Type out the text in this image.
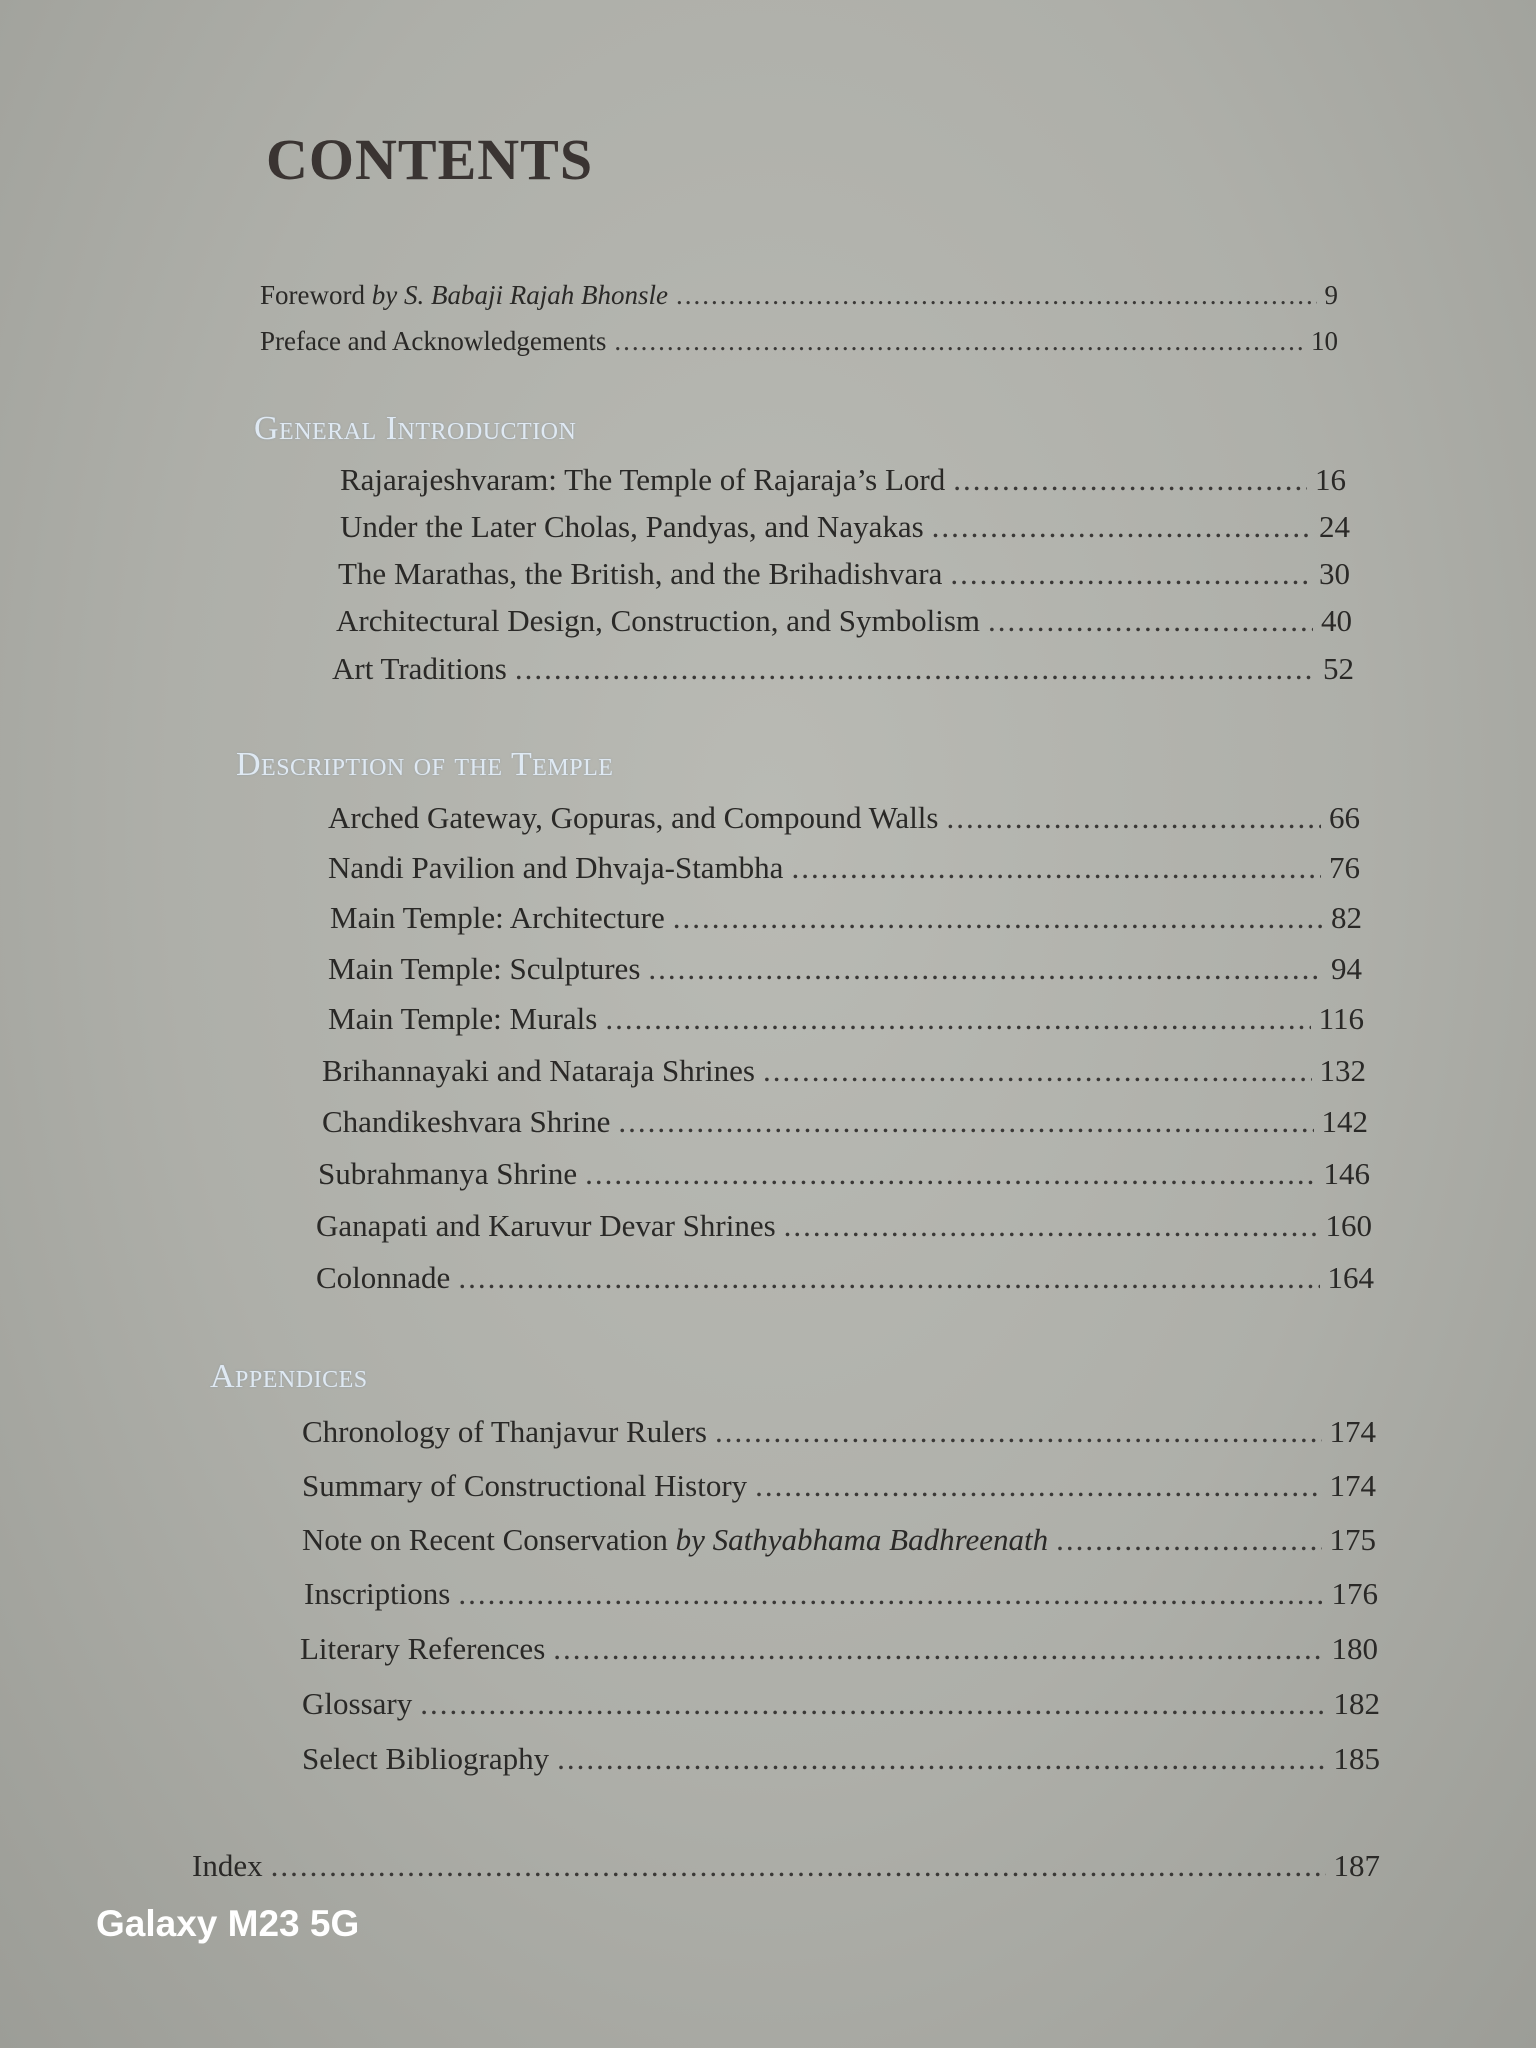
CONTENTS
Foreword by S. Babaji Rajah Bhonsle .....	9
Preface and Acknowledgements .....	10
General Introduction
Rajarajeshvaram: The Temple of Rajaraja’s Lord .....	16
Under the Later Cholas, Pandyas, and Nayakas .....	24
The Marathas, the British, and the Brihadishvara .....	30
Architectural Design, Construction, and Symbolism .....	40
Art Traditions .....	52
Description of the Temple
Arched Gateway, Gopuras, and Compound Walls .....	66
Nandi Pavilion and Dhvaja-Stambha .....	76
Main Temple: Architecture .....	82
Main Temple: Sculptures .....	94
Main Temple: Murals .....	116
Brihannayaki and Nataraja Shrines .....	132
Chandikeshvara Shrine .....	142
Subrahmanya Shrine .....	146
Ganapati and Karuvur Devar Shrines .....	160
Colonnade .....	164
Appendices
Chronology of Thanjavur Rulers .....	174
Summary of Constructional History .....	174
Note on Recent Conservation by Sathyabhama Badhreenath .....	175
Inscriptions .....	176
Literary References .....	180
Glossary .....	182
Select Bibliography .....	185
Index .....	187
Galaxy M23 5G
